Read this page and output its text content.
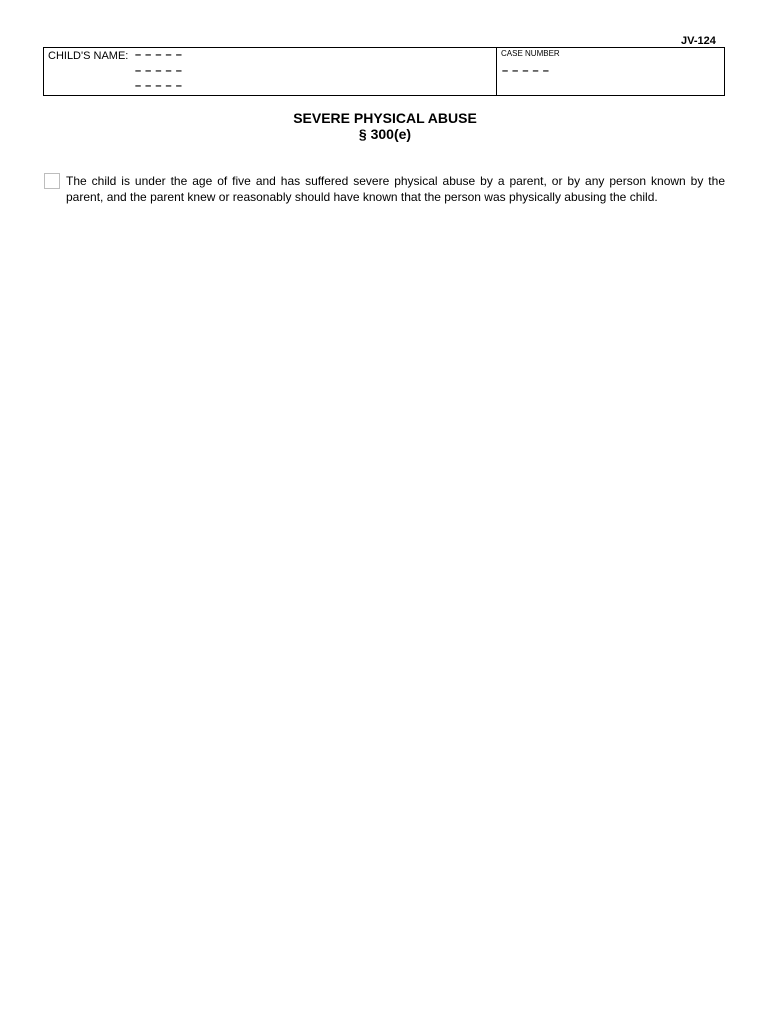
JV-124
CHILD'S NAME: – – – – –
– – – – –
– – – – –
CASE NUMBER
– – – – –
SEVERE PHYSICAL ABUSE
§ 300(e)
The child is under the age of five and has suffered severe physical abuse by a parent, or by any person known by the parent, and the parent knew or reasonably should have known that the person was physically abusing the child.
